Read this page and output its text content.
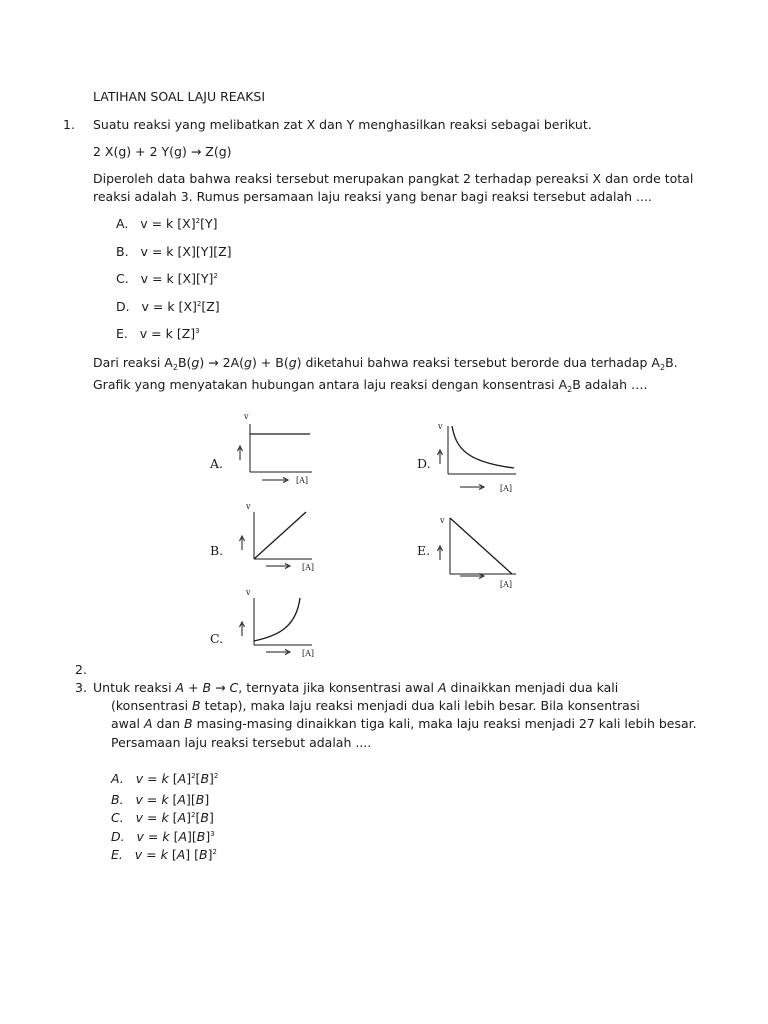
LATIHAN SOAL LAJU REAKSI
1. Suatu reaksi yang melibatkan zat X dan Y menghasilkan reaksi sebagai berikut.
2 X(g) + 2 Y(g) → Z(g)
Diperoleh data bahwa reaksi tersebut merupakan pangkat 2 terhadap pereaksi X dan orde total
reaksi adalah 3. Rumus persamaan laju reaksi yang benar bagi reaksi tersebut adalah ....
A. v = k $[X]^2[Y]$
B. v = k [X][Y][Z]
C. v = k $[X][Y]^2$
D. v = k $[X]^2[Z]$
E. v = k $[Z]^3$
Dari reaksi $A_2B(g) \to 2A(g) + B(g)$ diketahui bahwa reaksi tersebut berorde dua terhadap $A_2B$.
Grafik yang menyatakan hubungan antara laju reaksi dengan konsentrasi $A_2B$ adalah ….
A.
v
[A]
B.
v
[A]
C.
v
[A]
D.
v
[A]
E.
v
[A]
2.
3. Untuk reaksi A + B → C, ternyata jika konsentrasi awal A dinaikkan menjadi dua kali
(konsentrasi B tetap), maka laju reaksi menjadi dua kali lebih besar. Bila konsentrasi
awal A dan B masing-masing dinaikkan tiga kali, maka laju reaksi menjadi 27 kali lebih besar.
Persamaan laju reaksi tersebut adalah ....
A. v = k $[A]^2[B]^2$
B. v = k [A][B]
C. v = k $[A]^2[B]$
D. v = k $[A][B]^3$
E. v = k [A] $[B]^2$
